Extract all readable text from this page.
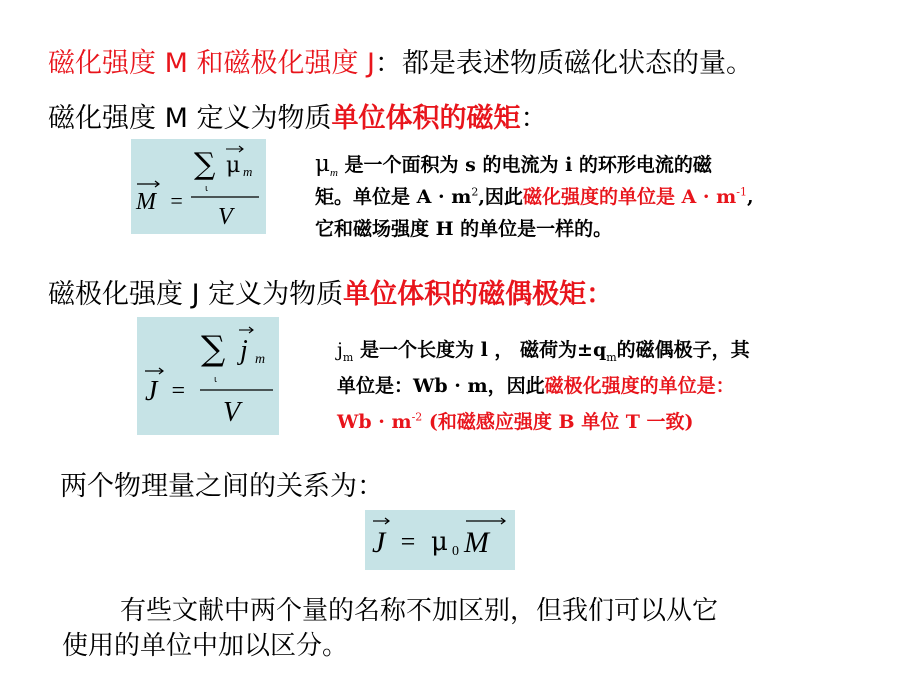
磁化强度 M 和磁极化强度 J：都是表述物质磁化状态的量。
磁化强度 M 定义为物质单位体积的磁矩：
M =
∑ μ m
ι
V
$\mu_m$ 是一个面积为 s 的电流为 i 的环形电流的磁
矩。单位是 $A \cdot m^2$,因此磁化强度的单位是 $A \cdot m^{-1}$,
它和磁场强度 H 的单位是一样的。
磁极化强度 J 定义为物质单位体积的磁偶极矩：
J =
∑ j m
ι
V
$j_m$ 是一个长度为 l ， 磁荷为$\pm q_m$的磁偶极子，其
单位是：Wb · m，因此磁极化强度的单位是：
$Wb \cdot m^{-2}$ (和磁感应强度 B 单位 T 一致)
两个物理量之间的关系为：
J = μ 0 M
有些文献中两个量的名称不加区别，但我们可以从它
使用的单位中加以区分。
